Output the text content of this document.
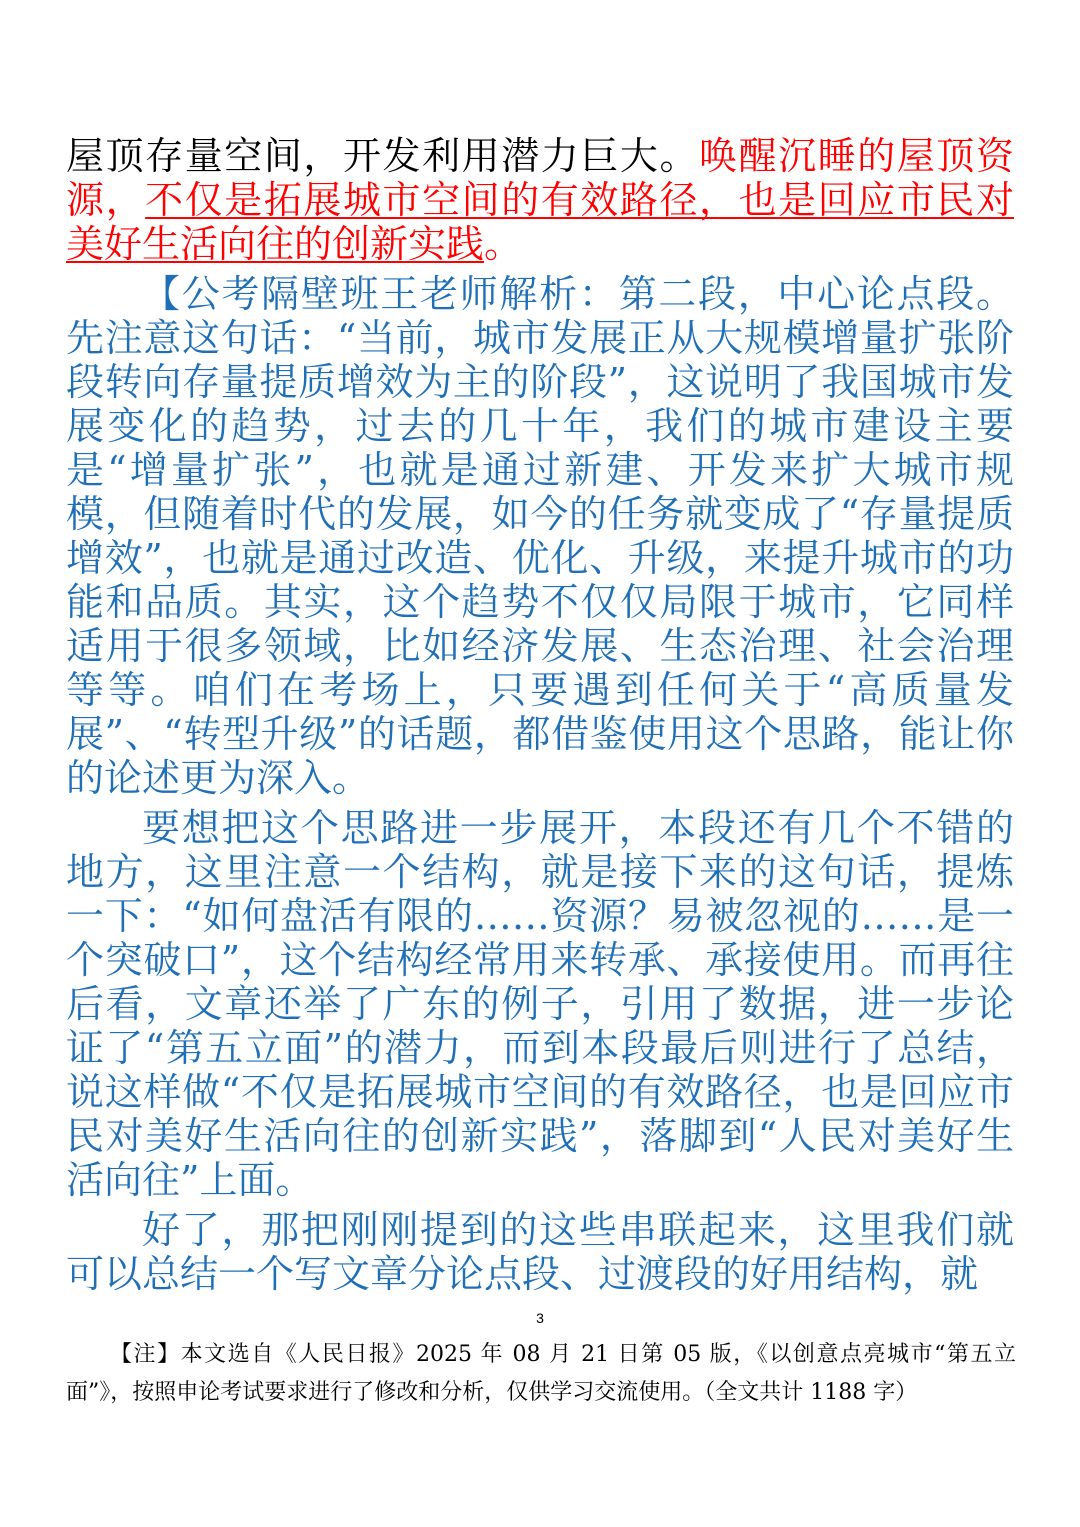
屋顶存量空间，开发利用潜力巨大。唤醒沉睡的屋顶资源，不仅是拓展城市空间的有效路径，也是回应市民对美好生活向往的创新实践。

【公考隔壁班王老师解析：第二段，中心论点段。先注意这句话：“当前，城市发展正从大规模增量扩张阶段转向存量提质增效为主的阶段”，这说明了我国城市发展变化的趋势，过去的几十年，我们的城市建设主要是“增量扩张”，也就是通过新建、开发来扩大城市规模，但随着时代的发展，如今的任务就变成了“存量提质增效”，也就是通过改造、优化、升级，来提升城市的功能和品质。其实，这个趋势不仅仅局限于城市，它同样适用于很多领域，比如经济发展、生态治理、社会治理等等。咱们在考场上，只要遇到任何关于“高质量发展”、“转型升级”的话题，都借鉴使用这个思路，能让你的论述更为深入。

要想把这个思路进一步展开，本段还有几个不错的地方，这里注意一个结构，就是接下来的这句话，提炼一下：“如何盘活有限的……资源？易被忽视的……是一个突破口”，这个结构经常用来转承、承接使用。而再往后看，文章还举了广东的例子，引用了数据，进一步论证了“第五立面”的潜力，而到本段最后则进行了总结，说这样做“不仅是拓展城市空间的有效路径，也是回应市民对美好生活向往的创新实践”，落脚到“人民对美好生活向往”上面。

好了，那把刚刚提到的这些串联起来，这里我们就可以总结一个写文章分论点段、过渡段的好用结构，就

3
【注】本文选自《人民日报》2025 年 08 月 21 日第 05 版，《以创意点亮城市“第五立面”》，按照申论考试要求进行了修改和分析，仅供学习交流使用。（全文共计 1188 字）
